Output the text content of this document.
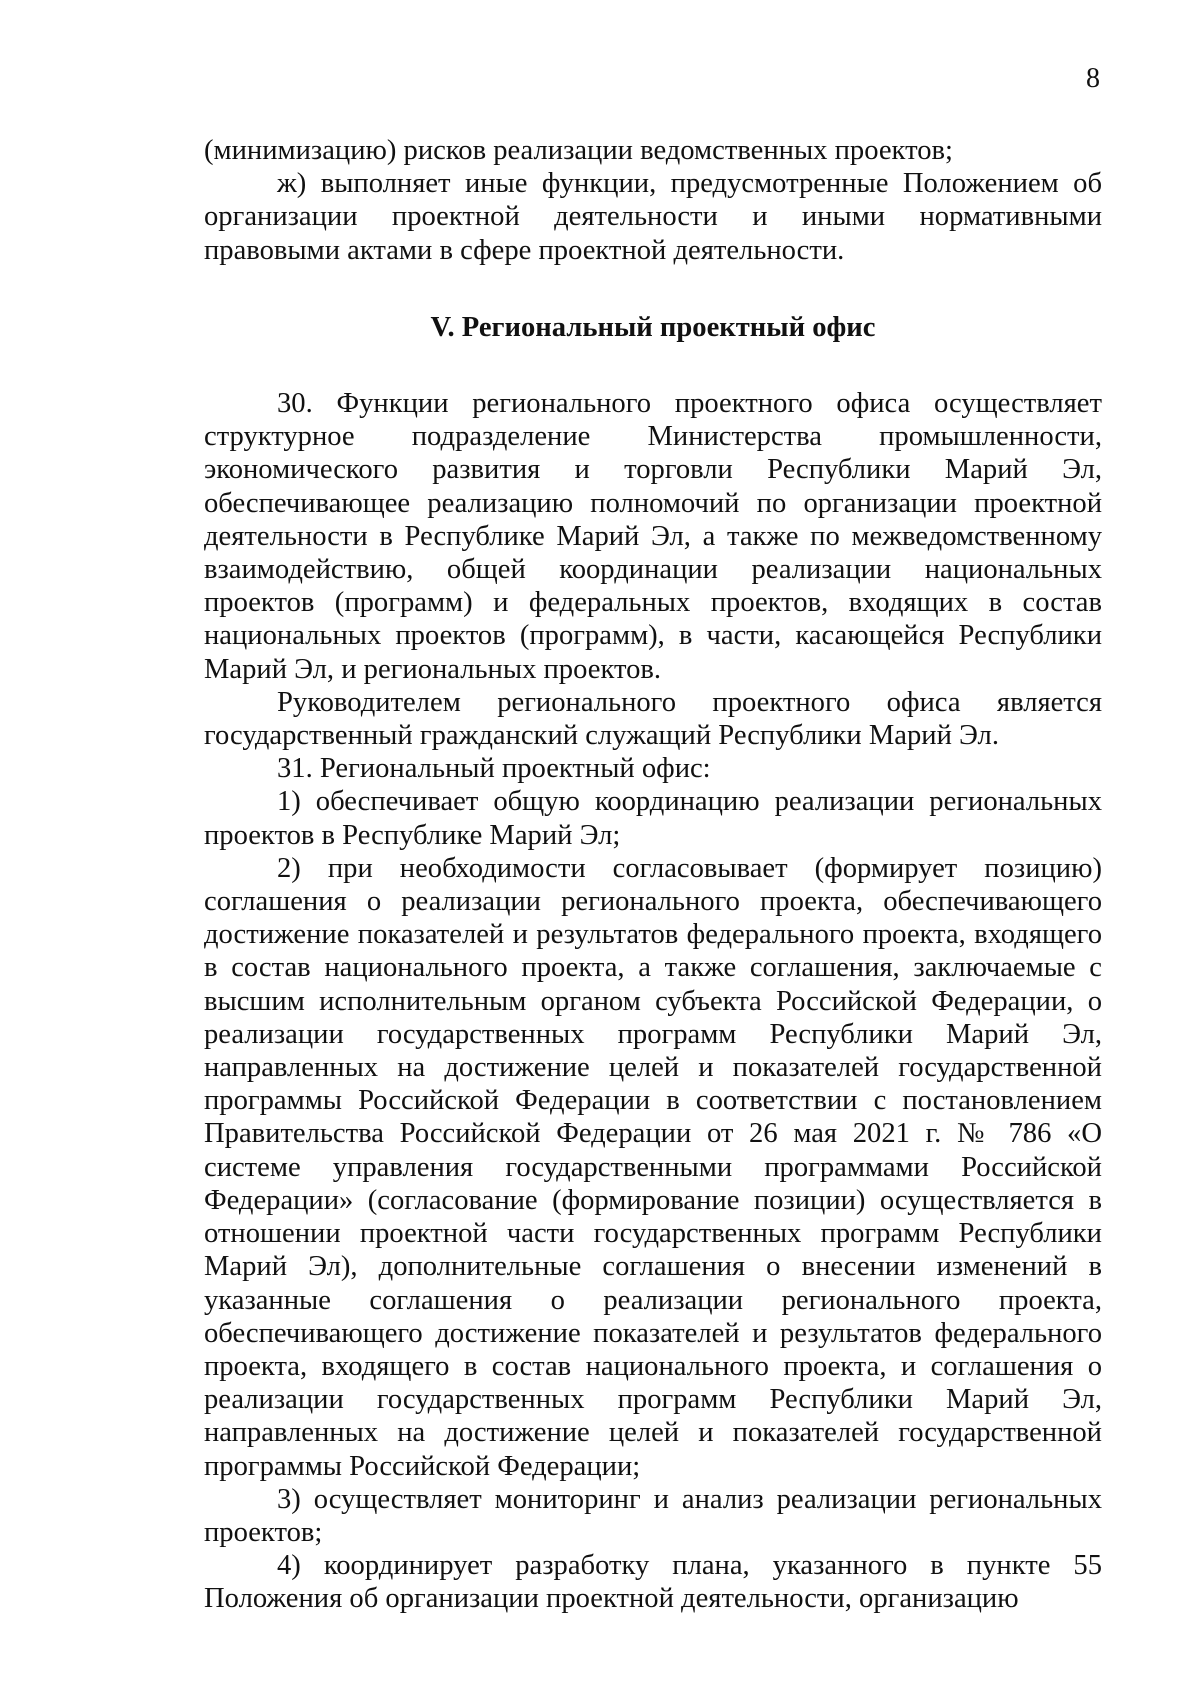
8

(минимизацию) рисков реализации ведомственных проектов;

ж) выполняет иные функции, предусмотренные Положением об организации проектной деятельности и иными нормативными правовыми актами в сфере проектной деятельности.

V. Региональный проектный офис

30. Функции регионального проектного офиса осуществляет структурное подразделение Министерства промышленности, экономического развития и торговли Республики Марий Эл, обеспечивающее реализацию полномочий по организации проектной деятельности в Республике Марий Эл, а также по межведомственному взаимодействию, общей координации реализации национальных проектов (программ) и федеральных проектов, входящих в состав национальных проектов (программ), в части, касающейся Республики Марий Эл, и региональных проектов.

Руководителем регионального проектного офиса является государственный гражданский служащий Республики Марий Эл.

31. Региональный проектный офис:

1) обеспечивает общую координацию реализации региональных проектов в Республике Марий Эл;

2) при необходимости согласовывает (формирует позицию) соглашения о реализации регионального проекта, обеспечивающего достижение показателей и результатов федерального проекта, входящего в состав национального проекта, а также соглашения, заключаемые с высшим исполнительным органом субъекта Российской Федерации, о реализации государственных программ Республики Марий Эл, направленных на достижение целей и показателей государственной программы Российской Федерации в соответствии с постановлением Правительства Российской Федерации от 26 мая 2021 г. № 786 «О системе управления государственными программами Российской Федерации» (согласование (формирование позиции) осуществляется в отношении проектной части государственных программ Республики Марий Эл), дополнительные соглашения о внесении изменений в указанные соглашения о реализации регионального проекта, обеспечивающего достижение показателей и результатов федерального проекта, входящего в состав национального проекта, и соглашения о реализации государственных программ Республики Марий Эл, направленных на достижение целей и показателей государственной программы Российской Федерации;

3) осуществляет мониторинг и анализ реализации региональных проектов;

4) координирует разработку плана, указанного в пункте 55 Положения об организации проектной деятельности, организацию
